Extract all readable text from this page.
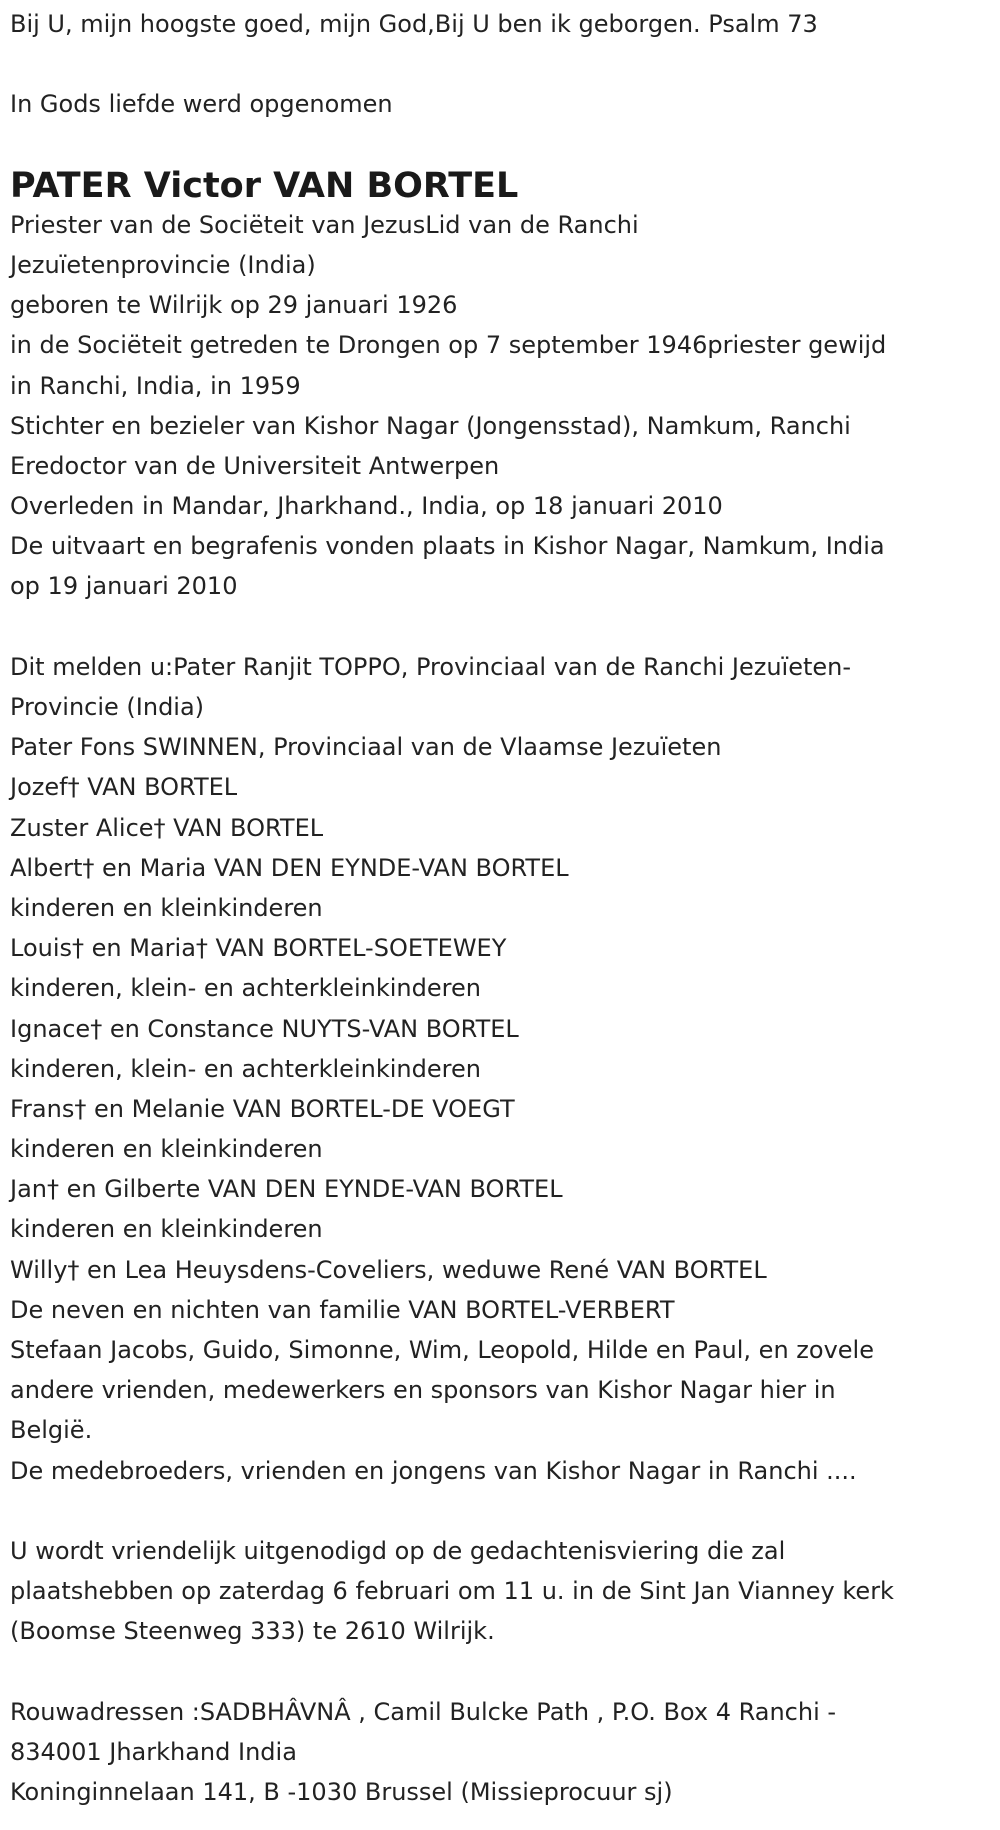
Bij U, mijn hoogste goed, mijn God,Bij U ben ik geborgen. Psalm 73
In Gods liefde werd opgenomen
PATER Victor VAN BORTEL
Priester van de Sociëteit van JezusLid van de Ranchi
Jezuïetenprovincie (India)
geboren te Wilrijk op 29 januari 1926
in de Sociëteit getreden te Drongen op 7 september 1946priester gewijd
in Ranchi, India, in 1959
Stichter en bezieler van Kishor Nagar (Jongensstad), Namkum, Ranchi
Eredoctor van de Universiteit Antwerpen
Overleden in Mandar, Jharkhand., India, op 18 januari 2010
De uitvaart en begrafenis vonden plaats in Kishor Nagar, Namkum, India
op 19 januari 2010
Dit melden u:Pater Ranjit TOPPO, Provinciaal van de Ranchi Jezuïeten-
Provincie (India)
Pater Fons SWINNEN, Provinciaal van de Vlaamse Jezuïeten
Jozef† VAN BORTEL
Zuster Alice† VAN BORTEL
Albert† en Maria VAN DEN EYNDE-VAN BORTEL
kinderen en kleinkinderen
Louis† en Maria† VAN BORTEL-SOETEWEY
kinderen, klein- en achterkleinkinderen
Ignace† en Constance NUYTS-VAN BORTEL
kinderen, klein- en achterkleinkinderen
Frans† en Melanie VAN BORTEL-DE VOEGT
kinderen en kleinkinderen
Jan† en Gilberte VAN DEN EYNDE-VAN BORTEL
kinderen en kleinkinderen
Willy† en Lea Heuysdens-Coveliers, weduwe René VAN BORTEL
De neven en nichten van familie VAN BORTEL-VERBERT
Stefaan Jacobs, Guido, Simonne, Wim, Leopold, Hilde en Paul, en zovele
andere vrienden, medewerkers en sponsors van Kishor Nagar hier in
België.
De medebroeders, vrienden en jongens van Kishor Nagar in Ranchi ....
U wordt vriendelijk uitgenodigd op de gedachtenisviering die zal
plaatshebben op zaterdag 6 februari om 11 u. in de Sint Jan Vianney kerk
(Boomse Steenweg 333) te 2610 Wilrijk.
Rouwadressen :SADBHÂVNÂ , Camil Bulcke Path , P.O. Box 4 Ranchi -
834001 Jharkhand India
Koninginnelaan 141, B -1030 Brussel (Missieprocuur sj)
